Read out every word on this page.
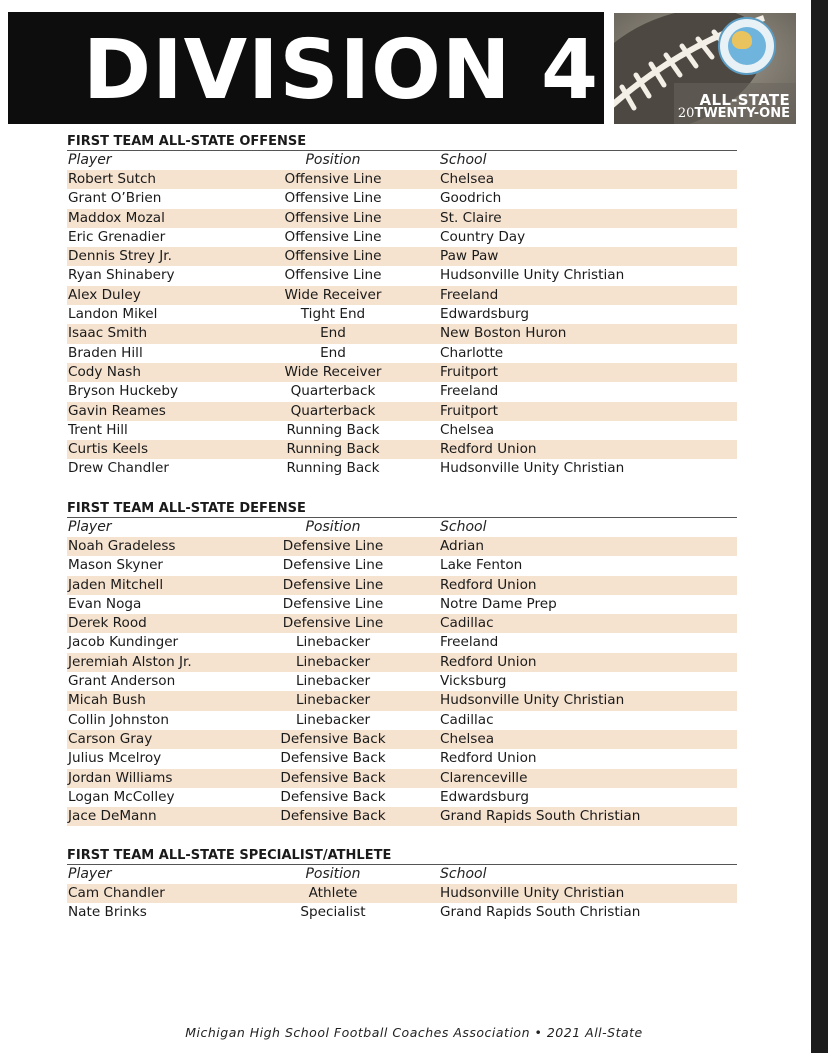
DIVISION 4	ALL-STATE
20TWENTY-ONE
FIRST TEAM ALL-STATE OFFENSE
Player	Position	School
Robert Sutch	Offensive Line	Chelsea
Grant O’Brien	Offensive Line	Goodrich
Maddox Mozal	Offensive Line	St. Claire
Eric Grenadier	Offensive Line	Country Day
Dennis Strey Jr.	Offensive Line	Paw Paw
Ryan Shinabery	Offensive Line	Hudsonville Unity Christian
Alex Duley	Wide Receiver	Freeland
Landon Mikel	Tight End	Edwardsburg
Isaac Smith	End	New Boston Huron
Braden Hill	End	Charlotte
Cody Nash	Wide Receiver	Fruitport
Bryson Huckeby	Quarterback	Freeland
Gavin Reames	Quarterback	Fruitport
Trent Hill	Running Back	Chelsea
Curtis Keels	Running Back	Redford Union
Drew Chandler	Running Back	Hudsonville Unity Christian
FIRST TEAM ALL-STATE DEFENSE
Player	Position	School
Noah Gradeless	Defensive Line	Adrian
Mason Skyner	Defensive Line	Lake Fenton
Jaden Mitchell	Defensive Line	Redford Union
Evan Noga	Defensive Line	Notre Dame Prep
Derek Rood	Defensive Line	Cadillac
Jacob Kundinger	Linebacker	Freeland
Jeremiah Alston Jr.	Linebacker	Redford Union
Grant Anderson	Linebacker	Vicksburg
Micah Bush	Linebacker	Hudsonville Unity Christian
Collin Johnston	Linebacker	Cadillac
Carson Gray	Defensive Back	Chelsea
Julius Mcelroy	Defensive Back	Redford Union
Jordan Williams	Defensive Back	Clarenceville
Logan McColley	Defensive Back	Edwardsburg
Jace DeMann	Defensive Back	Grand Rapids South Christian
FIRST TEAM ALL-STATE SPECIALIST/ATHLETE
Player	Position	School
Cam Chandler	Athlete	Hudsonville Unity Christian
Nate Brinks	Specialist	Grand Rapids South Christian
Michigan High School Football Coaches Association • 2021 All-State
